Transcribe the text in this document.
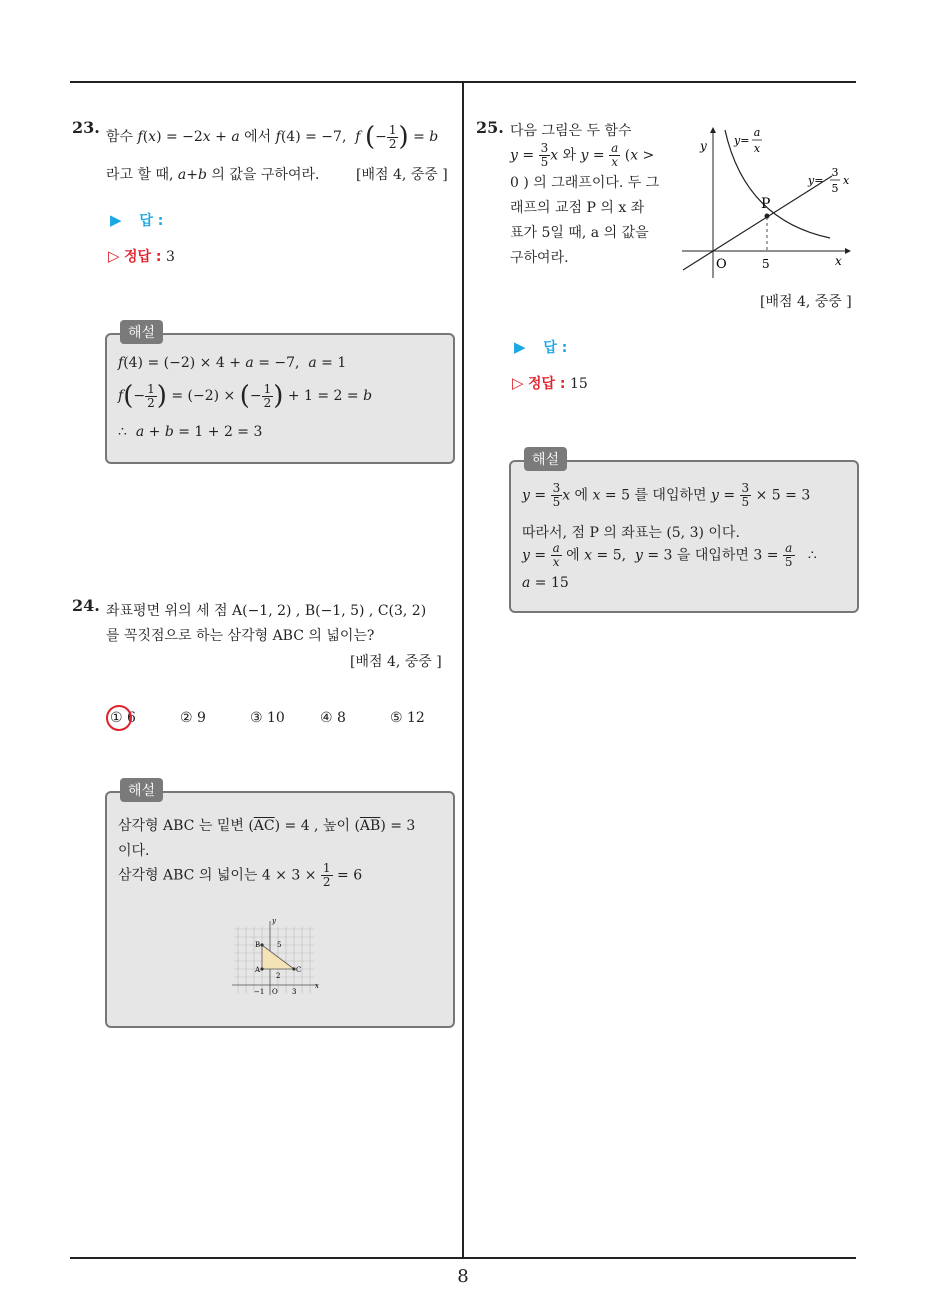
23. 함수 f(x) = −2x + a 에서 f(4) = −7,  f (− $\frac{1}{2}$ ) = b
라고 할 때, a+b 의 값을 구하여라.	[배점 4, 중중 ]
▶ 답 :
▷ 정답 : 3
해설
f(4) = (−2) × 4 + a = −7,  a = 1
$f(- \frac{1}{2}$ ) = (−2) × (− $\frac{1}{2}$ ) + 1 = 2 = b
∴  a + b = 1 + 2 = 3
24. 좌표평면 위의 세 점 A(−1, 2) , B(−1, 5) , C(3, 2)
를 꼭짓점으로 하는 삼각형 ABC 의 넓이는?
[배점 4, 중중 ]
① 6	② 9	③ 10	④ 8	⑤ 12
해설
삼각형 ABC 는 밑변 $(\overline{AC}) = 4$ , 높이 $(\overline{AB}) = 3$
이다.
삼각형 ABC 의 넓이는 $4 \times 3 \times \frac{1}{2} = 6$
y
x
B 5
A	C
2
−1 O 3
25. 다음 그림은 두 함수
$y = \frac{3}{5}$ x 와 $y = \frac{a}{x} (x$ >
0 ) 의 그래프이다. 두 그
래프의 교점 P 의 x 좌
표가 5일 때, a 의 값을
구하여라.
[배점 4, 중중 ]
y
x
y=
a
x
y=
3
5
x
P
O	5
▶ 답 :
▷ 정답 : 15
해설
$y = \frac{3}{5}$ x 에 x = 5 를 대입하면 $y = \frac{3}{5} \times 5 = 3$
따라서, 점 P 의 좌표는 (5, 3) 이다.
$y = \frac{a}{x}$ 에 x = 5,  y = 3 을 대입하면 $3 = \frac{a}{5}$ ∴
a = 15
8
